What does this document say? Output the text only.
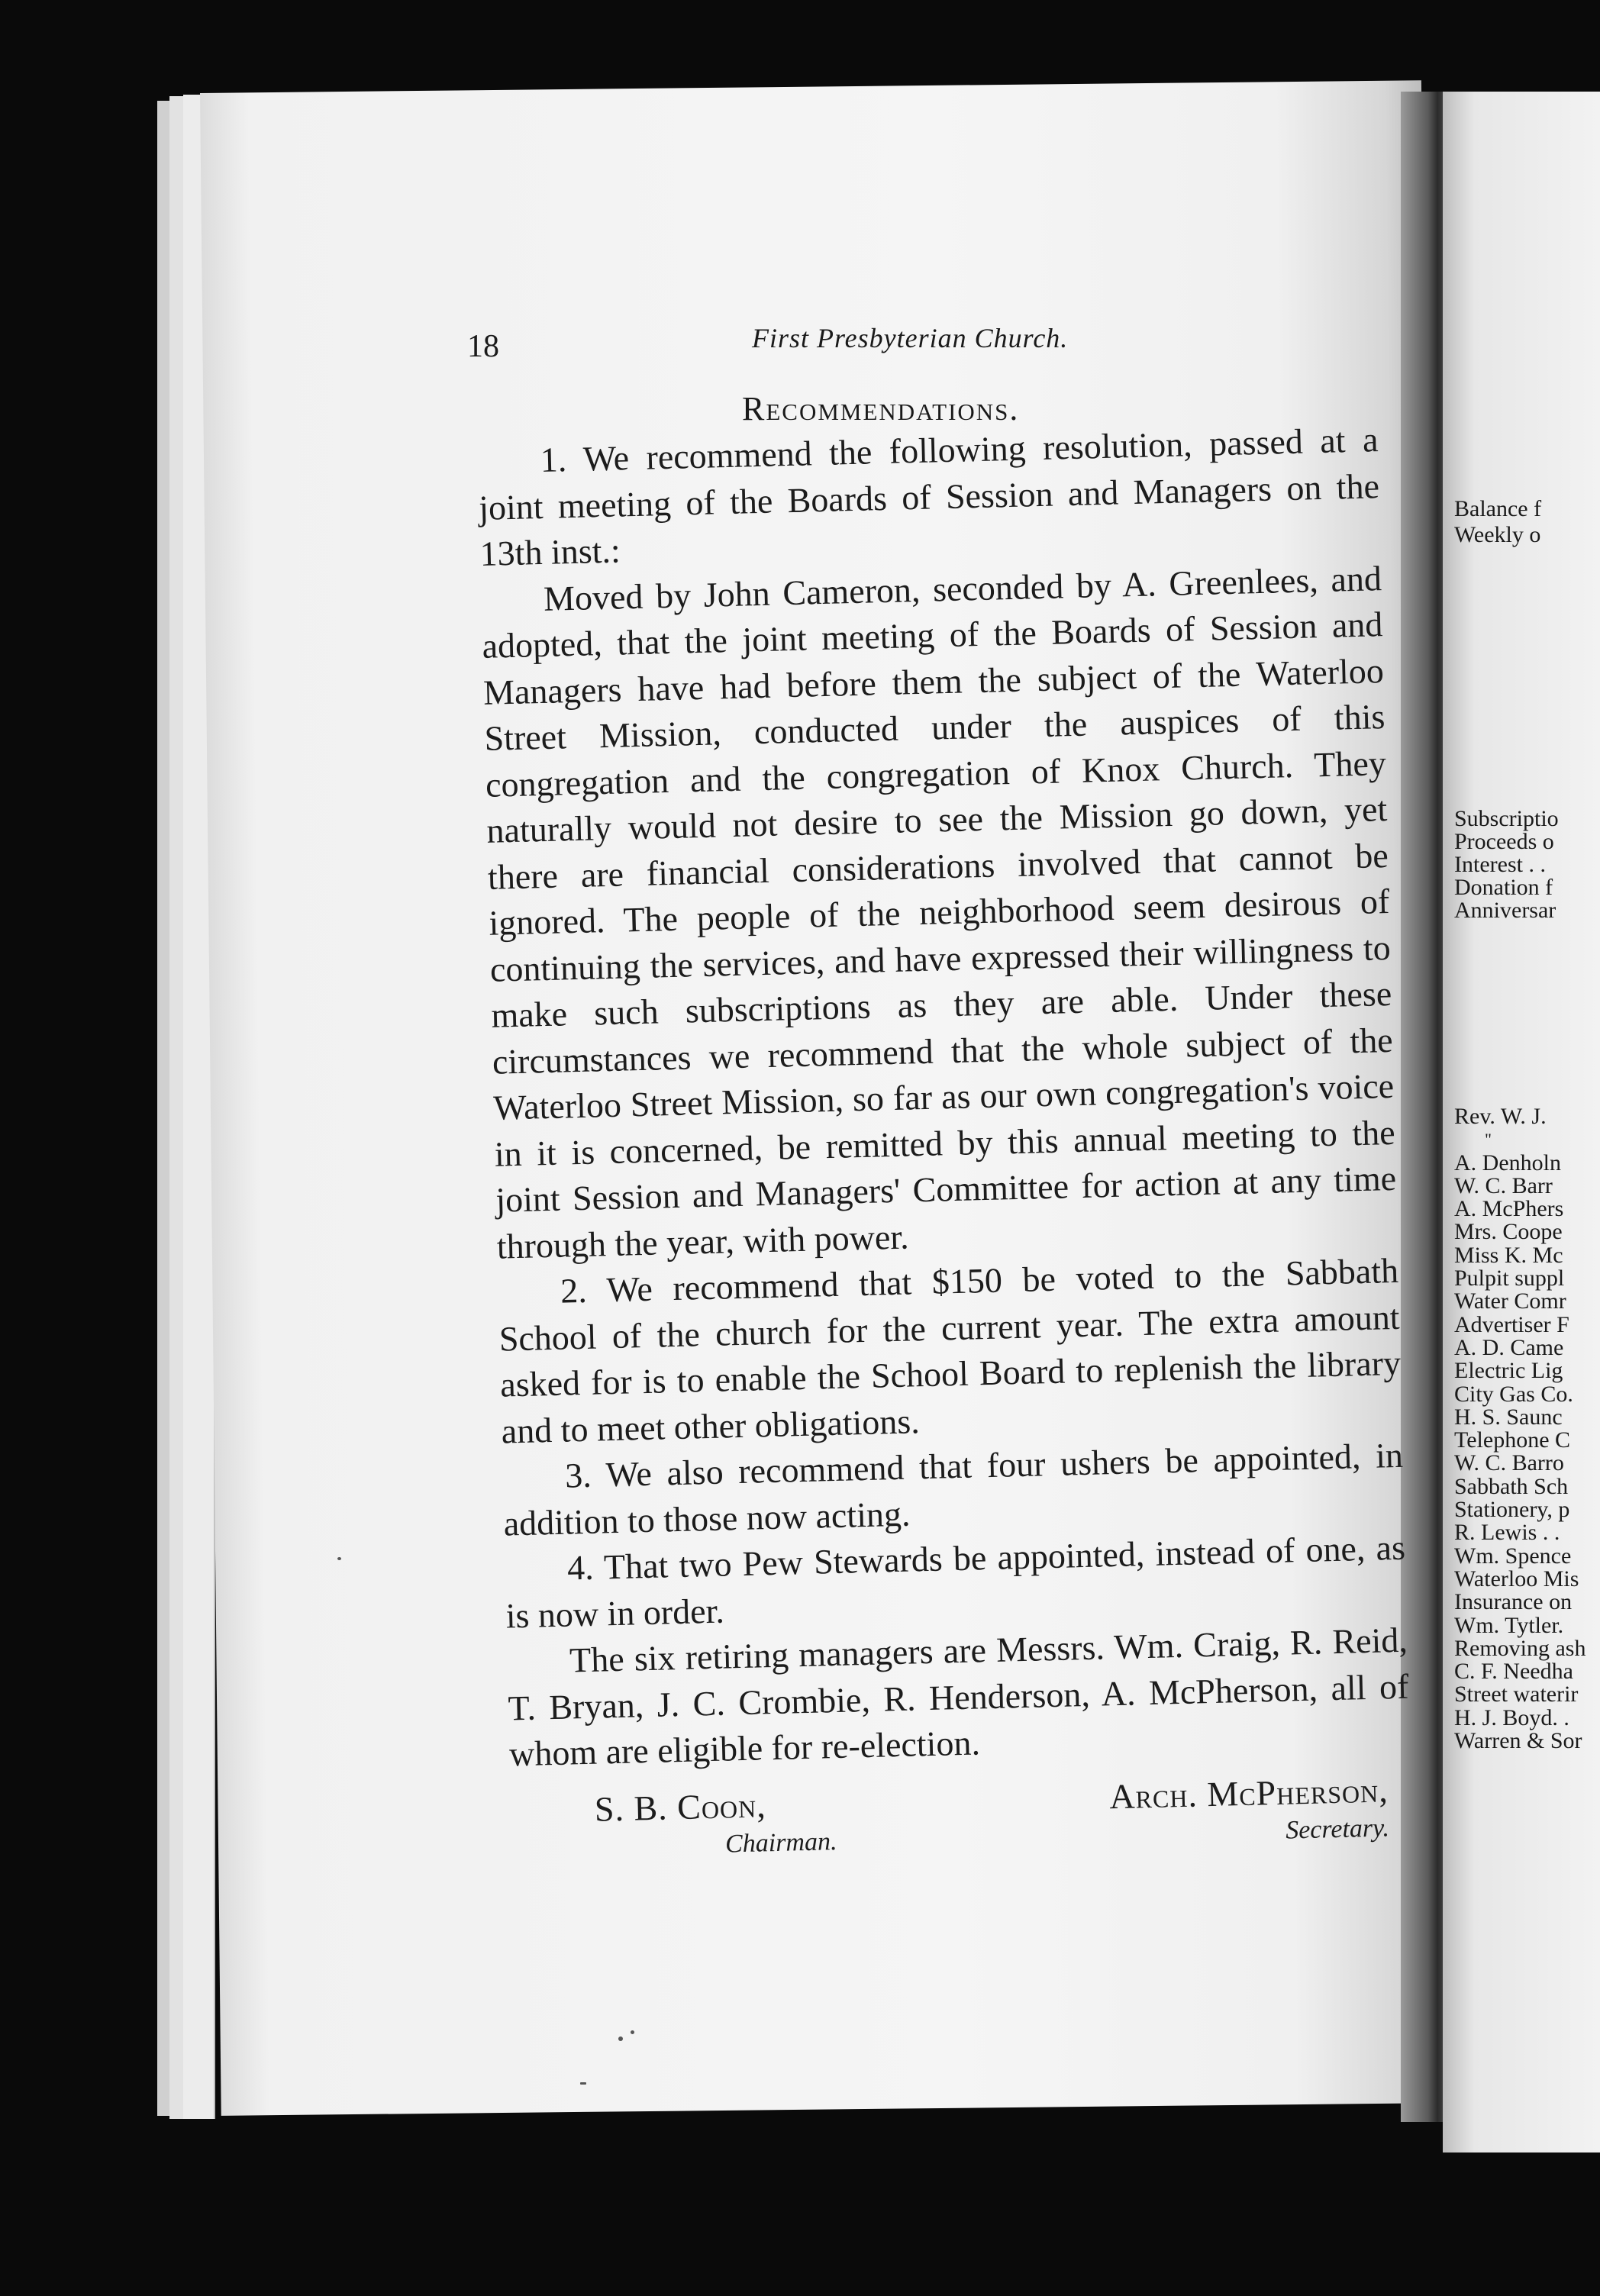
18	First Presbyterian Church.
Recommendations.

1. We recommend the following resolution, passed at a joint meeting of the Boards of Session and Managers on the 13th inst.:

Moved by John Cameron, seconded by A. Greenlees, and adopted, that the joint meeting of the Boards of Session and Managers have had before them the subject of the Waterloo Street Mission, conducted under the auspices of this congregation and the congregation of Knox Church. They naturally would not desire to see the Mission go down, yet there are financial considerations involved that cannot be ignored. The people of the neighborhood seem desirous of continuing the services, and have expressed their willingness to make such subscriptions as they are able. Under these circumstances we recommend that the whole subject of the Waterloo Street Mission, so far as our own congregation's voice in it is concerned, be remitted by this annual meeting to the joint Session and Managers' Committee for action at any time through the year, with power.

2. We recommend that $150 be voted to the Sabbath School of the church for the current year. The extra amount asked for is to enable the School Board to replenish the library and to meet other obligations.

3. We also recommend that four ushers be appointed, in addition to those now acting.

4. That two Pew Stewards be appointed, instead of one, as is now in order.

The six retiring managers are Messrs. Wm. Craig, R. Reid, T. Bryan, J. C. Crombie, R. Henderson, A. McPherson, all of whom are eligible for re-election.

S. B. Coon,	Arch. McPherson,
Chairman.	Secretary.
Balance f
Weekly o
Subscriptio
Proceeds o
Interest . .
Donation f
Anniversar
Rev. W. J.
"
A. Denholn
W. C. Barr
A. McPhers
Mrs. Coope
Miss K. Mc
Pulpit suppl
Water Comr
Advertiser F
A. D. Came
Electric Lig
City Gas Co.
H. S. Saunc
Telephone C
W. C. Barro
Sabbath Sch
Stationery, p
R. Lewis . .
Wm. Spence
Waterloo Mis
Insurance on
Wm. Tytler.
Removing ash
C. F. Needha
Street waterir
H. J. Boyd. .
Warren & Sor
